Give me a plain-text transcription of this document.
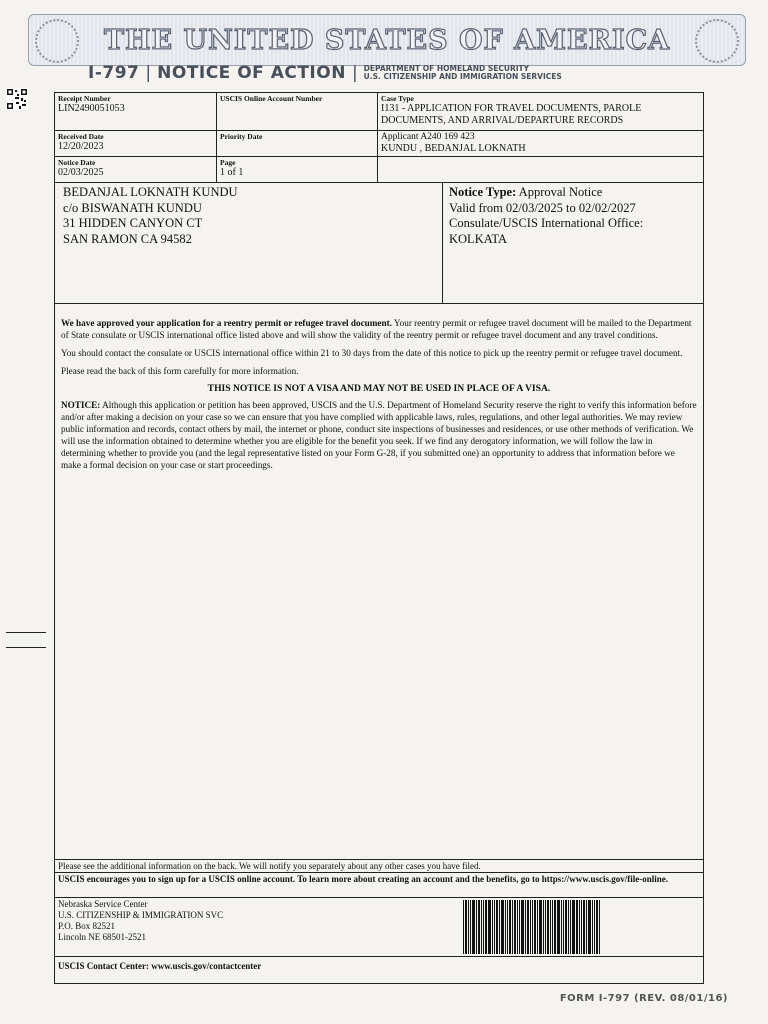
THE UNITED STATES OF AMERICA
I-797 | NOTICE OF ACTION | DEPARTMENT OF HOMELAND SECURITY
U.S. CITIZENSHIP AND IMMIGRATION SERVICES
Receipt Number
LIN2490051053
USCIS Online Account Number	Case Type
I131 - APPLICATION FOR TRAVEL DOCUMENTS, PAROLE
DOCUMENTS, AND ARRIVAL/DEPARTURE RECORDS
Received Date
12/20/2023
Priority Date	Applicant A240 169 423
KUNDU , BEDANJAL LOKNATH
Notice Date
02/03/2025
Page
1 of 1
BEDANJAL LOKNATH KUNDU
c/o BISWANATH KUNDU
31 HIDDEN CANYON CT
SAN RAMON CA 94582
Notice Type: Approval Notice
Valid from 02/03/2025 to 02/02/2027
Consulate/USCIS International Office:
KOLKATA

We have approved your application for a reentry permit or refugee travel document. Your reentry permit or refugee travel document will be mailed to the Department of State consulate or USCIS international office listed above and will show the validity of the reentry permit or refugee travel document and any travel conditions.

You should contact the consulate or USCIS international office within 21 to 30 days from the date of this notice to pick up the reentry permit or refugee travel document.

Please read the back of this form carefully for more information.

THIS NOTICE IS NOT A VISA AND MAY NOT BE USED IN PLACE OF A VISA.

NOTICE: Although this application or petition has been approved, USCIS and the U.S. Department of Homeland Security reserve the right to verify this information before and/or after making a decision on your case so we can ensure that you have complied with applicable laws, rules, regulations, and other legal authorities. We may review public information and records, contact others by mail, the internet or phone, conduct site inspections of businesses and residences, or use other methods of verification. We will use the information obtained to determine whether you are eligible for the benefit you seek. If we find any derogatory information, we will follow the law in determining whether to provide you (and the legal representative listed on your Form G-28, if you submitted one) an opportunity to address that information before we make a formal decision on your case or start proceedings.

Please see the additional information on the back. We will notify you separately about any other cases you have filed.
USCIS encourages you to sign up for a USCIS online account. To learn more about creating an account and the benefits, go to https://www.uscis.gov/file-online.
Nebraska Service Center
U.S. CITIZENSHIP & IMMIGRATION SVC
P.O. Box 82521
Lincoln NE 68501-2521
USCIS Contact Center: www.uscis.gov/contactcenter
FORM I-797 (REV. 08/01/16)
